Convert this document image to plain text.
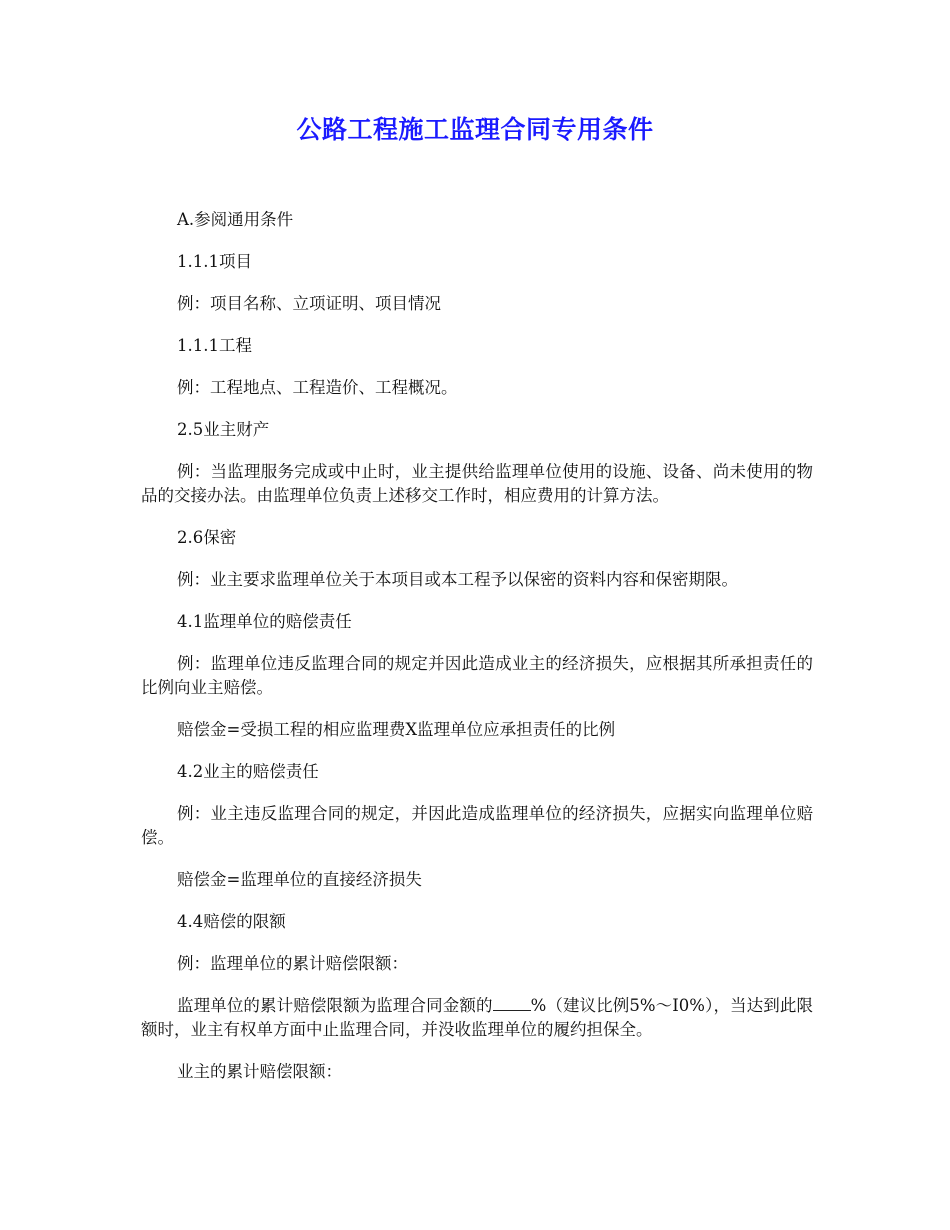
公路工程施工监理合同专用条件

A.参阅通用条件

1.1.1项目

例：项目名称、立项证明、项目情况

1.1.1工程

例：工程地点、工程造价、工程概况。

2.5业主财产

例：当监理服务完成或中止时，业主提供给监理单位使用的设施、设备、尚未使用的物品的交接办法。由监理单位负责上述移交工作时，相应费用的计算方法。

2.6保密

例：业主要求监理单位关于本项目或本工程予以保密的资料内容和保密期限。

4.1监理单位的赔偿责任

例：监理单位违反监理合同的规定并因此造成业主的经济损失，应根据其所承担责任的比例向业主赔偿。

赔偿金=受损工程的相应监理费X监理单位应承担责任的比例

4.2业主的赔偿责任

例：业主违反监理合同的规定，并因此造成监理单位的经济损失，应据实向监理单位赔偿。

赔偿金=监理单位的直接经济损失

4.4赔偿的限额

例：监理单位的累计赔偿限额：

监理单位的累计赔偿限额为监理合同金额的 %（建议比例5%～I0%），当达到此限额时，业主有权单方面中止监理合同，并没收监理单位的履约担保全。

业主的累计赔偿限额：
